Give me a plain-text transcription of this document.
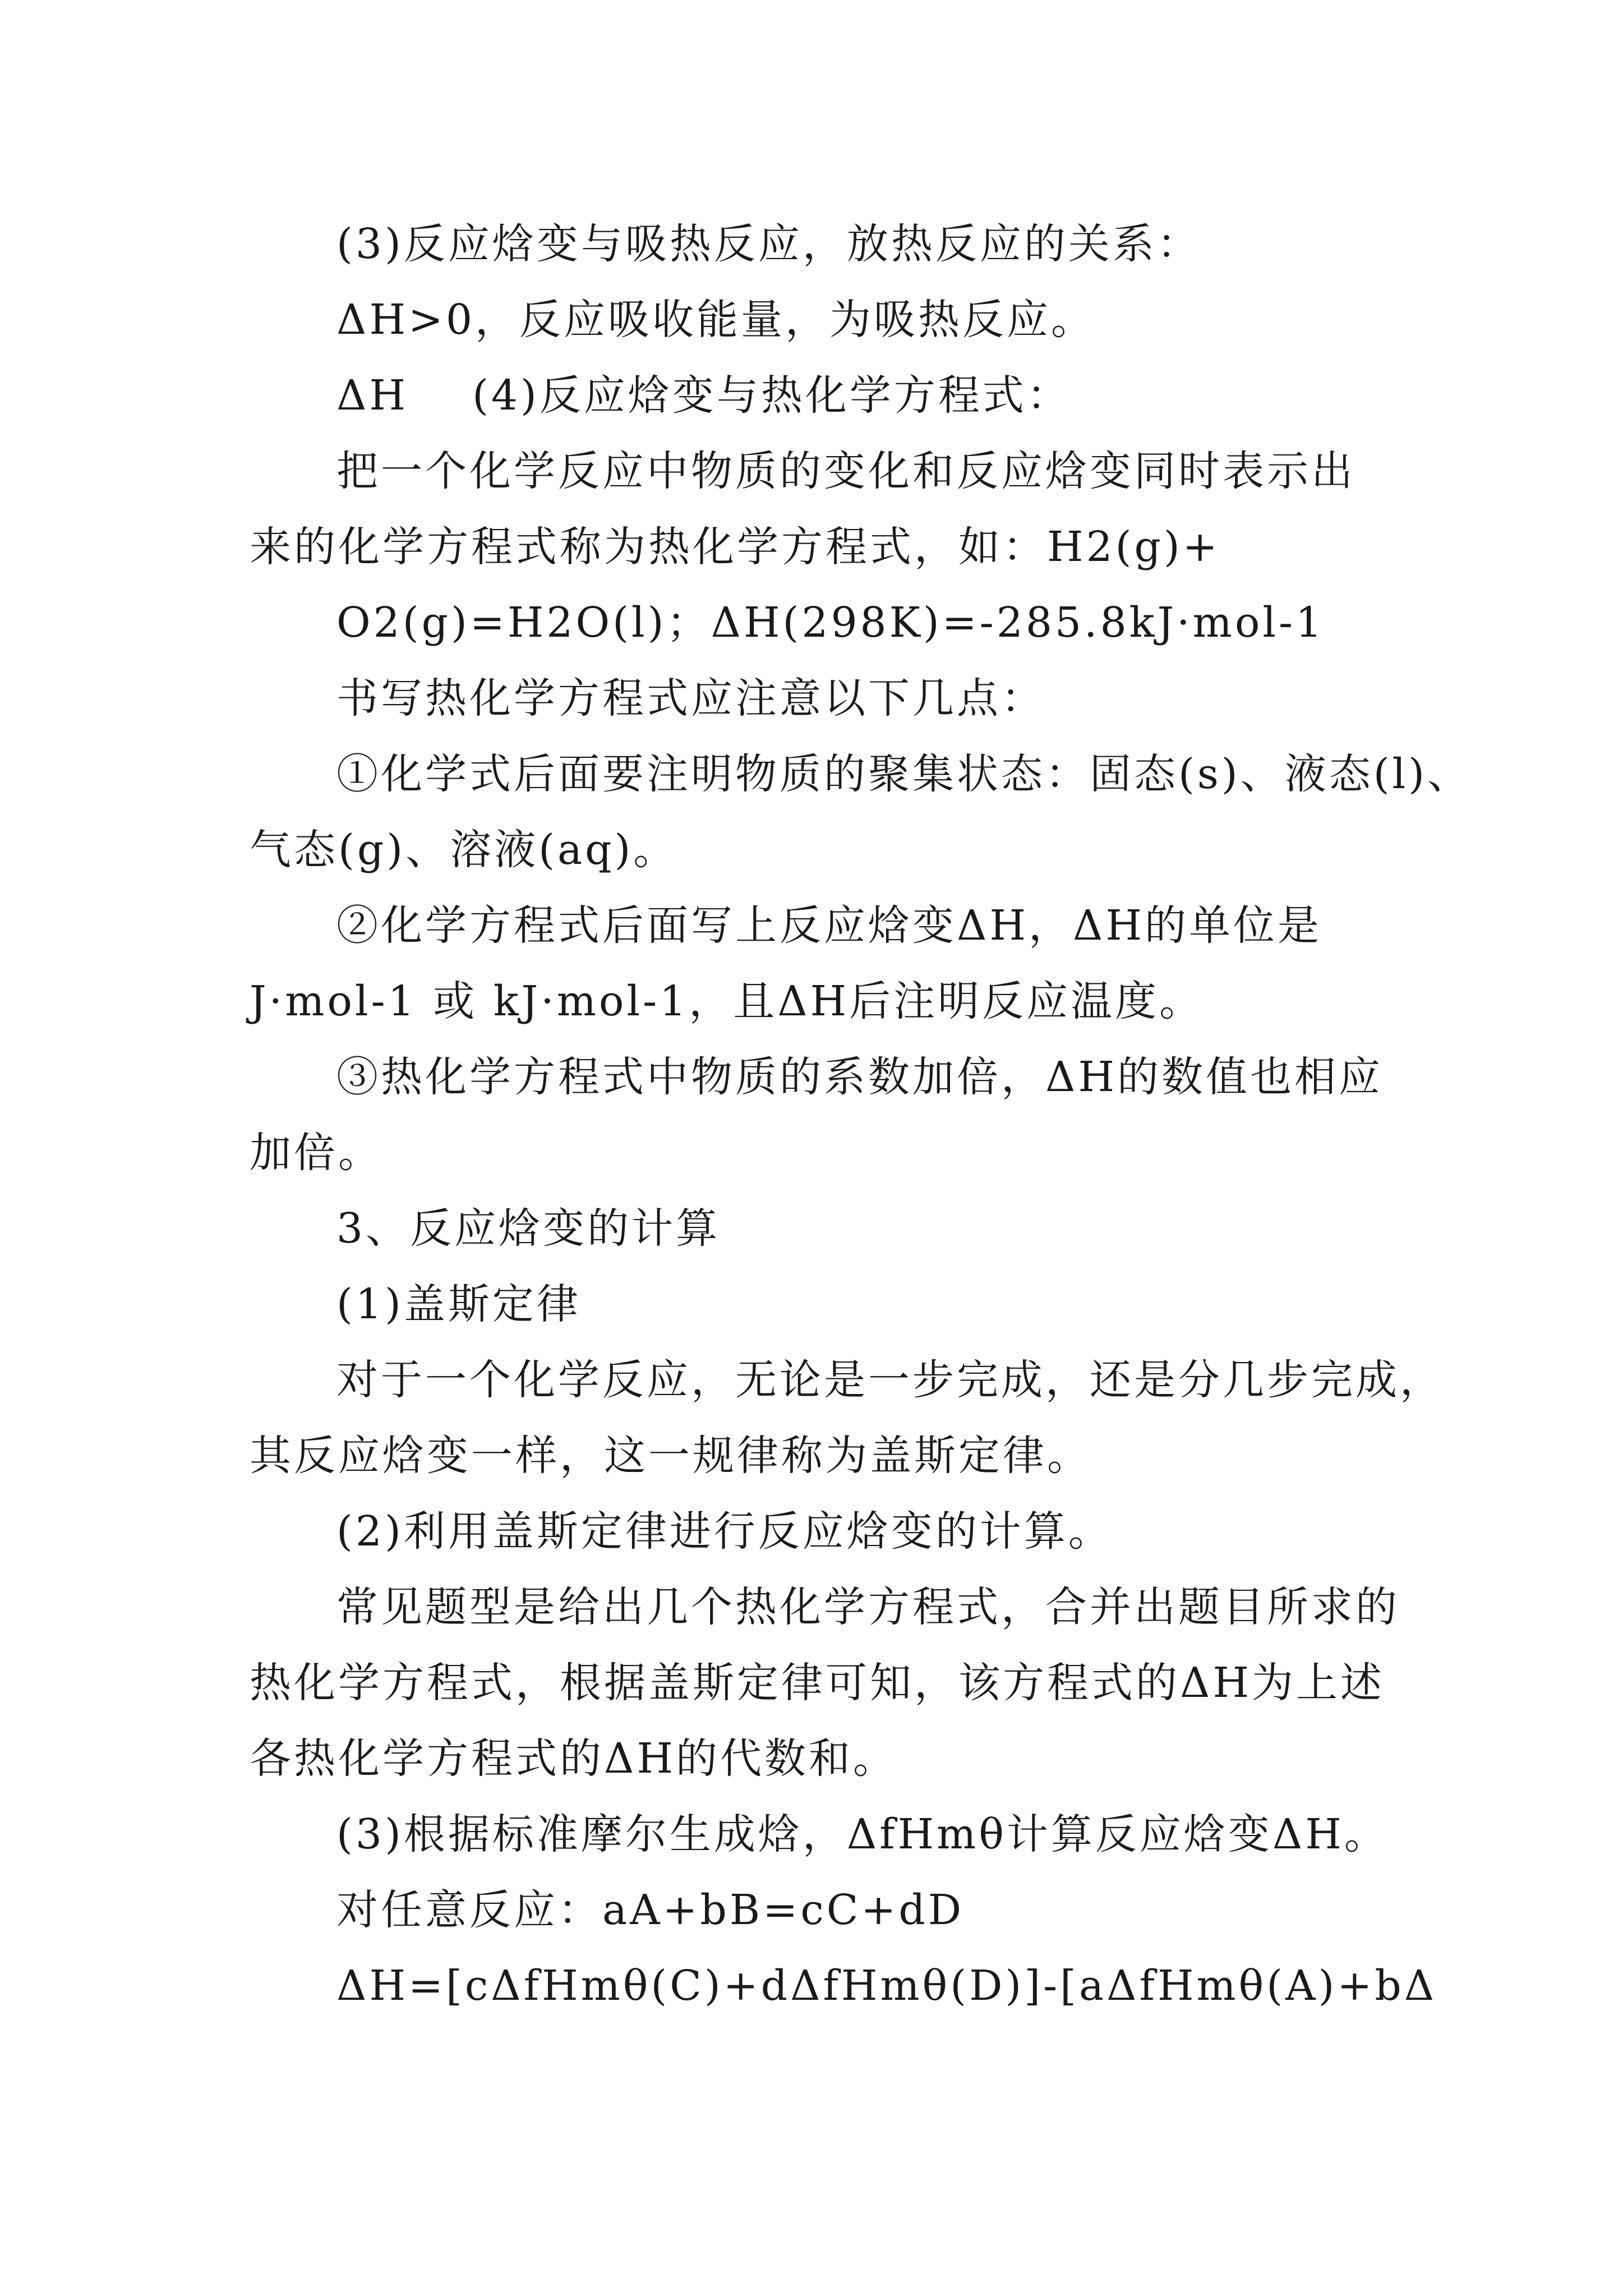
(3)反应焓变与吸热反应，放热反应的关系：
ΔH>0，反应吸收能量，为吸热反应。
ΔH    (4)反应焓变与热化学方程式：
把一个化学反应中物质的变化和反应焓变同时表示出
来的化学方程式称为热化学方程式，如：H2(g)+
O2(g)=H2O(l)；ΔH(298K)=-285.8kJ·mol-1
书写热化学方程式应注意以下几点：
①化学式后面要注明物质的聚集状态：固态(s)、液态(l)、
气态(g)、溶液(aq)。
②化学方程式后面写上反应焓变ΔH，ΔH的单位是
J·mol-1 或 kJ·mol-1，且ΔH后注明反应温度。
③热化学方程式中物质的系数加倍，ΔH的数值也相应
加倍。
3、反应焓变的计算
(1)盖斯定律
对于一个化学反应，无论是一步完成，还是分几步完成，
其反应焓变一样，这一规律称为盖斯定律。
(2)利用盖斯定律进行反应焓变的计算。
常见题型是给出几个热化学方程式，合并出题目所求的
热化学方程式，根据盖斯定律可知，该方程式的ΔH为上述
各热化学方程式的ΔH的代数和。
(3)根据标准摩尔生成焓，ΔfHmθ计算反应焓变ΔH。
对任意反应：aA+bB=cC+dD
ΔH=[cΔfHmθ(C)+dΔfHmθ(D)]-[aΔfHmθ(A)+bΔ
